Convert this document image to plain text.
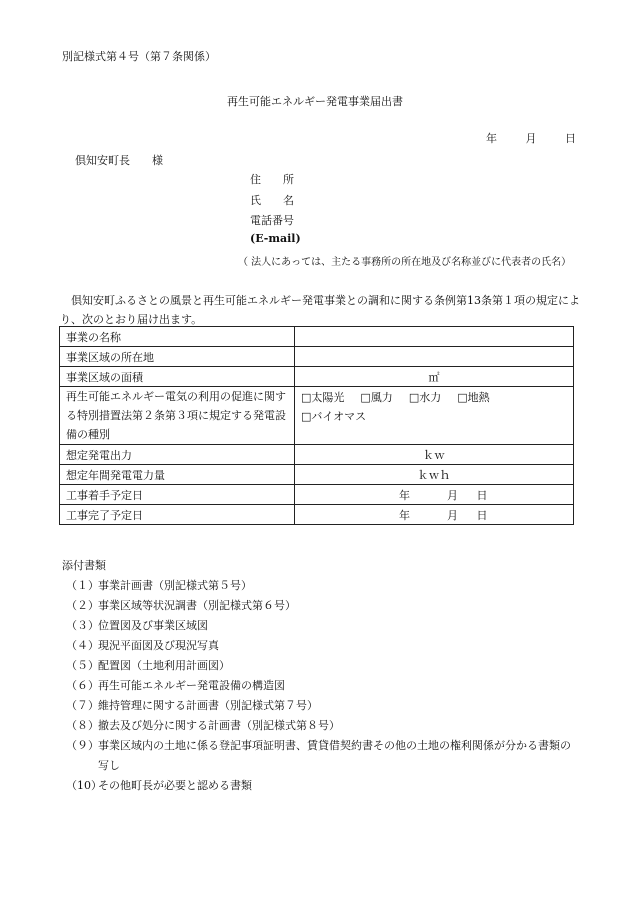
別記様式第４号（第７条関係）
再生可能エネルギー発電事業届出書
年	月	日
倶知安町長　　様
住　　所
氏　　名
電話番号
(E-mail)
（ 法人にあっては、主たる事務所の所在地及び名称並びに代表者の氏名）
倶知安町ふるさとの風景と再生可能エネルギー発電事業との調和に関する条例第13条第１項の規定により、次のとおり届け出ます。
事業の名称	
事業区域の所在地	
事業区域の面積	㎡
再生可能エネルギー電気の利用の促進に関する特別措置法第２条第３項に規定する発電設備の種別	□太陽光 □風力 □水力 □地熱
□バイオマス

想定発電出力	ｋｗ
想定年間発電電力量	ｋｗｈ
工事着手予定日	年 月 日
工事完了予定日	年 月 日
添付書類
（１） 事業計画書（別記様式第５号）
（２） 事業区域等状況調書（別記様式第６号）
（３） 位置図及び事業区域図
（４） 現況平面図及び現況写真
（５） 配置図（土地利用計画図）
（６） 再生可能エネルギー発電設備の構造図
（７） 維持管理に関する計画書（別記様式第７号）
（８） 撤去及び処分に関する計画書（別記様式第８号）
（９） 事業区域内の土地に係る登記事項証明書、賃貸借契約書その他の土地の権利関係が分かる書類の写し
（10）
その他町長が必要と認める書類
